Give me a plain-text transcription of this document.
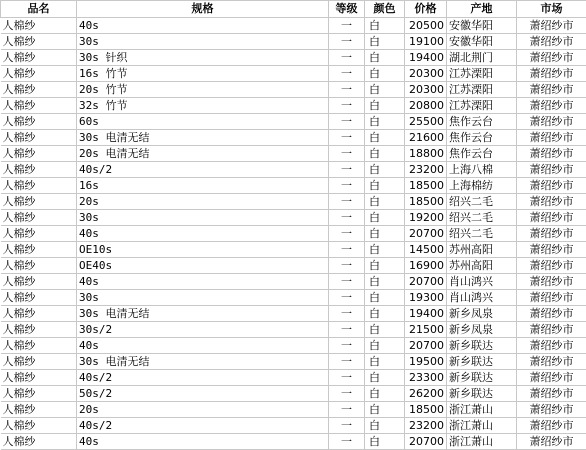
品名	规格	等级	颜色	价格	产地	市场
人棉纱	40s	一	白	20500	安徽华阳	萧绍纱市
人棉纱	30s	一	白	19100	安徽华阳	萧绍纱市
人棉纱	30s 针织	一	白	19400	湖北荆门	萧绍纱市
人棉纱	16s 竹节	一	白	20300	江苏溧阳	萧绍纱市
人棉纱	20s 竹节	一	白	20300	江苏溧阳	萧绍纱市
人棉纱	32s 竹节	一	白	20800	江苏溧阳	萧绍纱市
人棉纱	60s	一	白	25500	焦作云台	萧绍纱市
人棉纱	30s 电清无结	一	白	21600	焦作云台	萧绍纱市
人棉纱	20s 电清无结	一	白	18800	焦作云台	萧绍纱市
人棉纱	40s/2	一	白	23200	上海八棉	萧绍纱市
人棉纱	16s	一	白	18500	上海棉纺	萧绍纱市
人棉纱	20s	一	白	18500	绍兴二毛	萧绍纱市
人棉纱	30s	一	白	19200	绍兴二毛	萧绍纱市
人棉纱	40s	一	白	20700	绍兴二毛	萧绍纱市
人棉纱	OE10s	一	白	14500	苏州高阳	萧绍纱市
人棉纱	OE40s	一	白	16900	苏州高阳	萧绍纱市
人棉纱	40s	一	白	20700	肖山鸿兴	萧绍纱市
人棉纱	30s	一	白	19300	肖山鸿兴	萧绍纱市
人棉纱	30s 电清无结	一	白	19400	新乡凤泉	萧绍纱市
人棉纱	30s/2	一	白	21500	新乡凤泉	萧绍纱市
人棉纱	40s	一	白	20700	新乡联达	萧绍纱市
人棉纱	30s 电清无结	一	白	19500	新乡联达	萧绍纱市
人棉纱	40s/2	一	白	23300	新乡联达	萧绍纱市
人棉纱	50s/2	一	白	26200	新乡联达	萧绍纱市
人棉纱	20s	一	白	18500	浙江萧山	萧绍纱市
人棉纱	40s/2	一	白	23200	浙江萧山	萧绍纱市
人棉纱	40s	一	白	20700	浙江萧山	萧绍纱市
